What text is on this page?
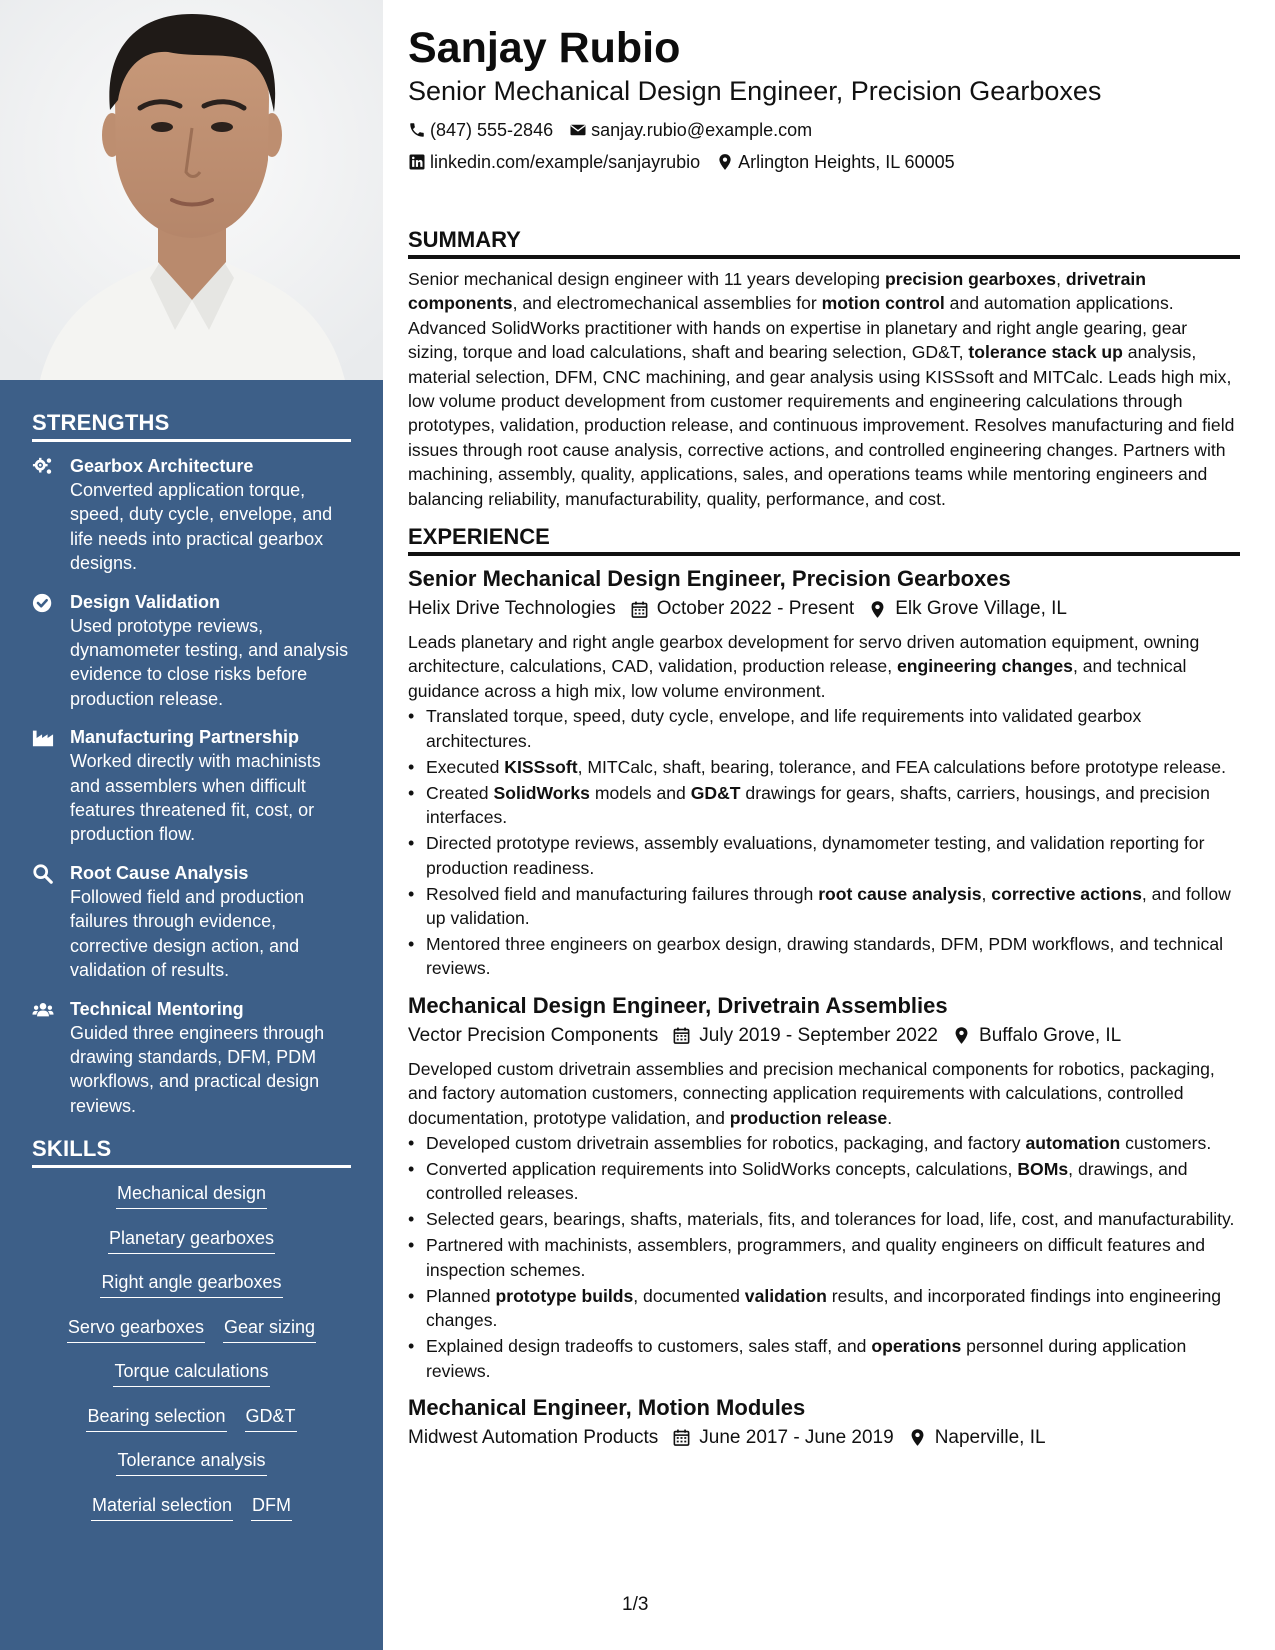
STRENGTHS
Gearbox Architecture
Converted application torque, speed, duty cycle, envelope, and life needs into practical gearbox designs.
Design Validation
Used prototype reviews, dynamometer testing, and analysis evidence to close risks before production release.
Manufacturing Partnership
Worked directly with machinists and assemblers when difficult features threatened fit, cost, or production flow.
Root Cause Analysis
Followed field and production failures through evidence, corrective design action, and validation of results.
Technical Mentoring
Guided three engineers through drawing standards, DFM, PDM workflows, and practical design reviews.
SKILLS
Mechanical design
Planetary gearboxes
Right angle gearboxes
Servo gearboxes Gear sizing
Torque calculations
Bearing selection GD&T
Tolerance analysis
Material selection DFM
Sanjay Rubio
Senior Mechanical Design Engineer, Precision Gearboxes
(847) 555-2846 sanjay.rubio@example.com
linkedin.com/example/sanjayrubio Arlington Heights, IL 60005
SUMMARY

Senior mechanical design engineer with 11 years developing precision gearboxes, drivetrain components, and electromechanical assemblies for motion control and automation applications. Advanced SolidWorks practitioner with hands on expertise in planetary and right angle gearing, gear sizing, torque and load calculations, shaft and bearing selection, GD&T, tolerance stack up analysis, material selection, DFM, CNC machining, and gear analysis using KISSsoft and MITCalc. Leads high mix, low volume product development from customer requirements and engineering calculations through prototypes, validation, production release, and continuous improvement. Resolves manufacturing and field issues through root cause analysis, corrective actions, and controlled engineering changes. Partners with machining, assembly, quality, applications, sales, and operations teams while mentoring engineers and balancing reliability, manufacturability, quality, performance, and cost.

EXPERIENCE
Senior Mechanical Design Engineer, Precision Gearboxes
Helix Drive Technologies October 2022 - Present Elk Grove Village, IL

Leads planetary and right angle gearbox development for servo driven automation equipment, owning architecture, calculations, CAD, validation, production release, engineering changes, and technical guidance across a high mix, low volume environment.

• Translated torque, speed, duty cycle, envelope, and life requirements into validated gearbox architectures.
• Executed KISSsoft, MITCalc, shaft, bearing, tolerance, and FEA calculations before prototype release.
• Created SolidWorks models and GD&T drawings for gears, shafts, carriers, housings, and precision interfaces.
• Directed prototype reviews, assembly evaluations, dynamometer testing, and validation reporting for production readiness.
• Resolved field and manufacturing failures through root cause analysis, corrective actions, and follow up validation.
• Mentored three engineers on gearbox design, drawing standards, DFM, PDM workflows, and technical reviews.
Mechanical Design Engineer, Drivetrain Assemblies
Vector Precision Components July 2019 - September 2022 Buffalo Grove, IL

Developed custom drivetrain assemblies and precision mechanical components for robotics, packaging, and factory automation customers, connecting application requirements with calculations, controlled documentation, prototype validation, and production release.

• Developed custom drivetrain assemblies for robotics, packaging, and factory automation customers.
• Converted application requirements into SolidWorks concepts, calculations, BOMs, drawings, and controlled releases.
• Selected gears, bearings, shafts, materials, fits, and tolerances for load, life, cost, and manufacturability.
• Partnered with machinists, assemblers, programmers, and quality engineers on difficult features and inspection schemes.
• Planned prototype builds, documented validation results, and incorporated findings into engineering changes.
• Explained design tradeoffs to customers, sales staff, and operations personnel during application reviews.
Mechanical Engineer, Motion Modules
Midwest Automation Products June 2017 - June 2019 Naperville, IL
1/3
